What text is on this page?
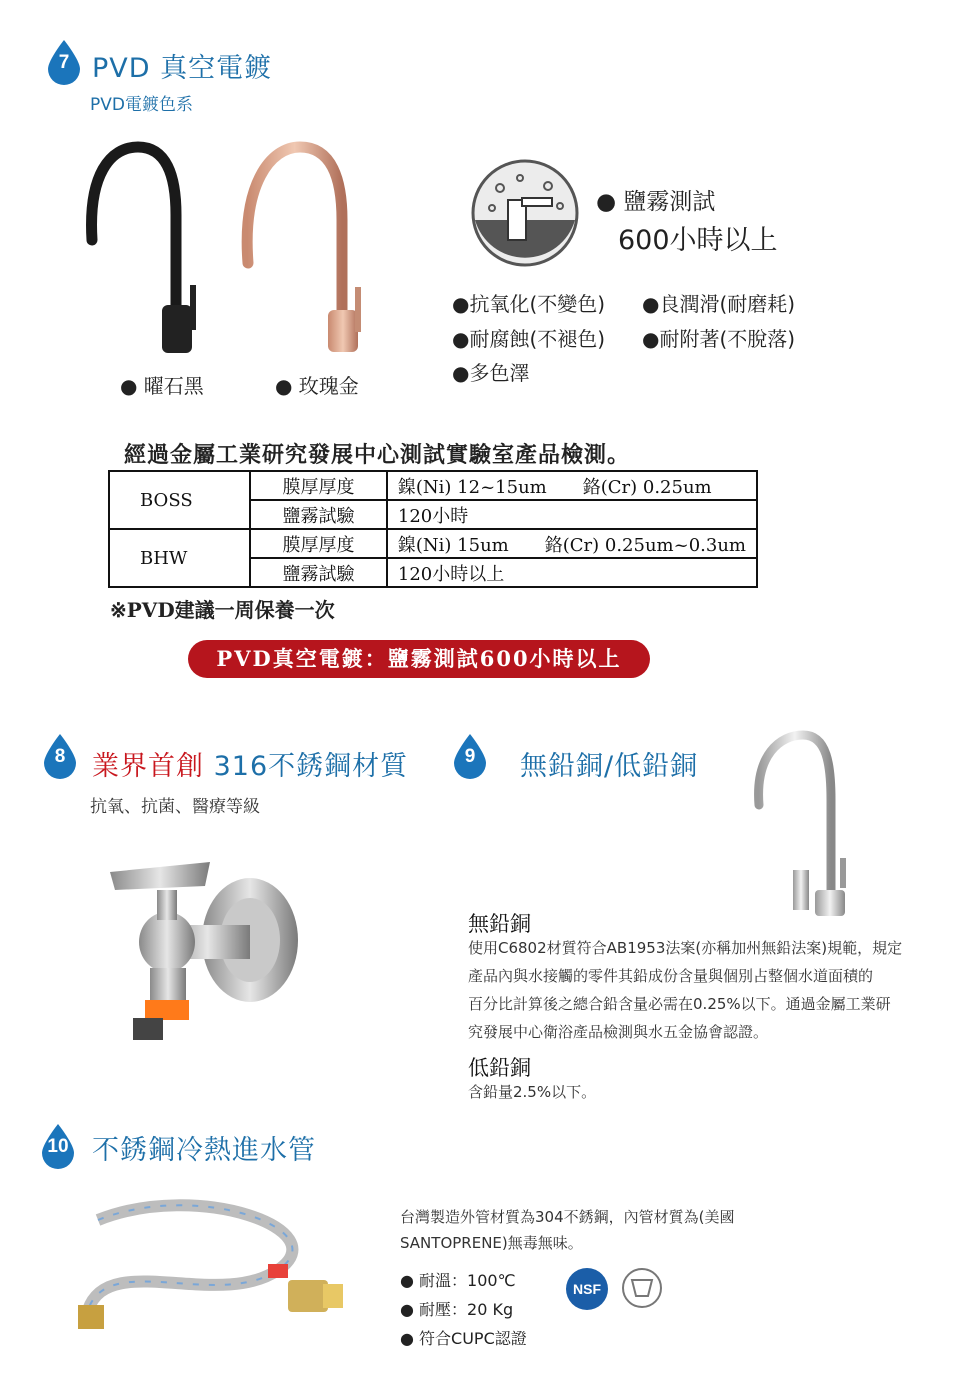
7 PVD 真空電鍍
PVD電鍍色系
● 曜石黑	● 玫瑰金
● 鹽霧測試
600小時以上
●抗氧化(不變色) ●良潤滑(耐磨耗)
●耐腐蝕(不褪色) ●耐附著(不脫落)
●多色澤
經過金屬工業研究發展中心測試實驗室產品檢測。
BOSS	膜厚厚度	鎳(Ni) 12~15um　　鉻(Cr) 0.25um
	鹽霧試驗	120小時
BHW	膜厚厚度	鎳(Ni) 15um　　鉻(Cr) 0.25um~0.3um
	鹽霧試驗	120小時以上
※PVD建議一周保養一次
PVD真空電鍍：鹽霧測試600小時以上
8 業界首創 316不銹鋼材質
抗氧、抗菌、醫療等級
9	無鉛銅/低鉛銅
無鉛銅
使用C6802材質符合AB1953法案(亦稱加州無鉛法案)規範，規定
產品內與水接觸的零件其鉛成份含量與個別占整個水道面積的
百分比計算後之總合鉛含量必需在0.25%以下。通過金屬工業研
究發展中心衛浴產品檢測與水五金協會認證。
低鉛銅
含鉛量2.5%以下。
10 不銹鋼冷熱進水管
台灣製造外管材質為304不銹鋼，內管材質為(美國
SANTOPRENE)無毒無味。
● 耐溫：100℃
● 耐壓：20 Kg
● 符合CUPC認證
NSF
